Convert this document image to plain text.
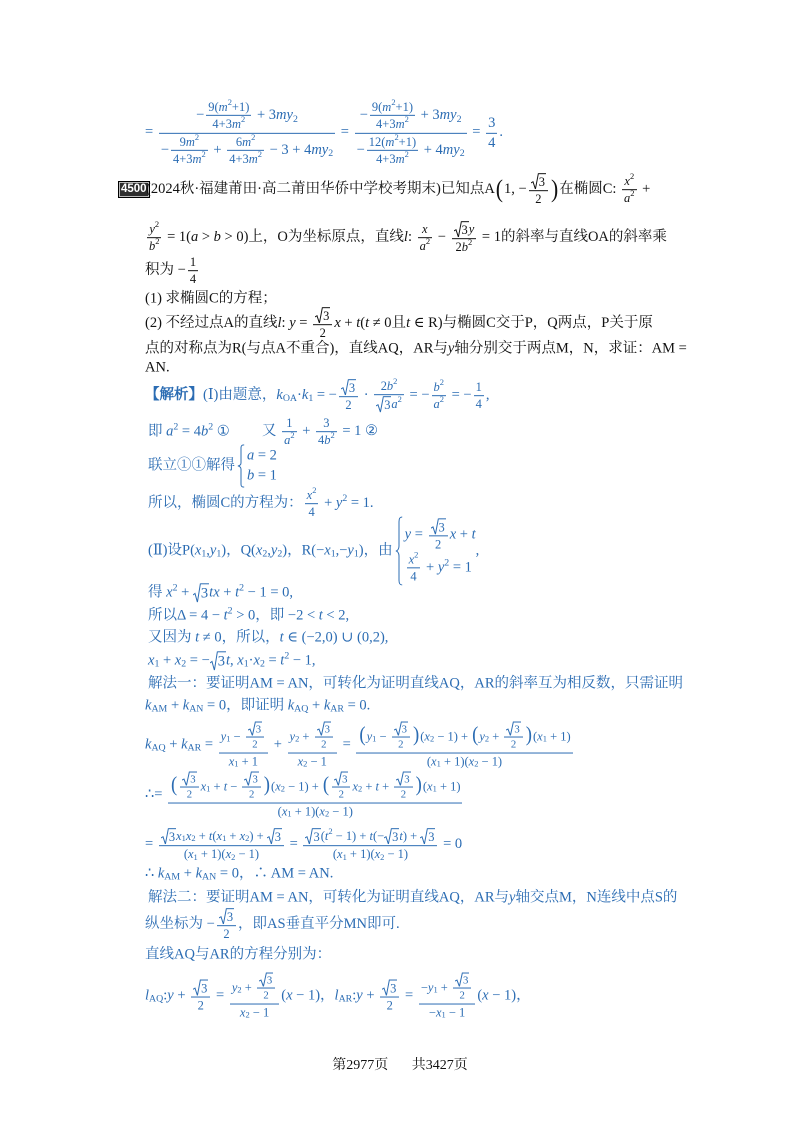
= $\frac{- \frac{9(m 2 +1)}{4+3m 2} + 3my 2}{- \frac{9m 2}{4+3m 2} + \frac{6m 2}{4+3m 2} - 3 + 4my 2} = \frac{- \frac{9(m 2 +1)}{4+3m 2} + 3my 2}{- \frac{12(m 2 +1)}{4+3m 2} + 4my 2} = \frac{3}{4}$ .
4500 (2024秋·福建莆田·高二莆田华侨中学校考期末)已知点A ( 1, − $\frac{3}{2}$ ) 在椭圆C: $\frac{x 2}{a 2}$ +
$\frac{y 2}{b 2} = 1(a > b > 0)$上，O为坐标原点，直线l: $\frac{x}{a 2} - \frac{3 y}{2b 2} = 1$的斜率与直线OA的斜率乘
积为 − $\frac{1}{4}$
(1) 求椭圆C的方程；
(2) 不经过点A的直线l: $y = \frac{3}{2}$ x + t(t ≠ 0且t ∈ R)与椭圆C交于P，Q两点，P关于原
点的对称点为R(与点A不重合)，直线AQ，AR与y轴分别交于两点M，N，求证：AM =
AN.
【解析】 (Ⅰ)由题意，k OA ·k 1 = − $\frac{3}{2} \cdot \frac{2b 2}{3 a 2}$ = − $\frac{b 2}{a 2}$ = − $\frac{1}{4}$ ,
即 a 2 = 4b 2 ① 又 $\frac{1}{a 2} + \frac{3}{4b 2} = 1$ ②
联立①①解得
a = 2
b = 1
所以，椭圆C的方程为： $\frac{x 2}{4} + y$ 2 = 1.
(Ⅱ)设P(x 1 ,y 1 )，Q(x 2 ,y 2 )，R(−x 1 ,−y 1 )，由
$y = \frac{3}{2}$ x + t
$\frac{x 2}{4} + y$ 2 = 1
,
得 x 2 + 3 tx + t 2 − 1 = 0,
所以Δ = 4 − t 2 > 0，即 −2 < t < 2,
又因为 t ≠ 0，所以，t ∈ (−2,0) ∪ (0,2),
x 1 + x 2 = − 3 t, x 1 ·x 2 = t 2 − 1,
解法一：要证明AM = AN，可转化为证明直线AQ，AR的斜率互为相反数，只需证明
k AM + k AN = 0，即证明 k AQ + k AR = 0.
k AQ + k AR = $\frac{y 1 - \frac{3}{2}}{x 1 + 1} + \frac{y 2 + \frac{3}{2}}{x 2 - 1} = \frac{( y 1 - \frac{3}{2} ) (x 2 - 1) + ( y 2 + \frac{3}{2} ) (x 1 + 1)}{(x 1 + 1)(x 2 - 1)}$
∴= $\frac{( \frac{3}{2} x 1 + t - \frac{3}{2} ) (x 2 - 1) + ( \frac{3}{2} x 2 + t + \frac{3}{2} ) (x 1 + 1)}{(x 1 + 1)(x 2 - 1)}$
= $\frac{3 x 1 x 2 + t(x 1 + x 2 ) + 3}{(x 1 + 1)(x 2 - 1)} = \frac{3 (t 2 - 1) + t(- 3 t) + 3}{(x 1 + 1)(x 2 - 1)} = 0$
∴ k AM + k AN = 0，∴ AM = AN.
解法二：要证明AM = AN，可转化为证明直线AQ，AR与y轴交点M，N连线中点S的
纵坐标为 − $\frac{3}{2}$ ，即AS垂直平分MN即可.
直线AQ与AR的方程分别为：
l AQ :y + $\frac{3}{2} = \frac{y 2 + \frac{3}{2}}{x 2 - 1} (x - 1)$，l AR :y + $\frac{3}{2} = \frac{-y 1 + \frac{3}{2}}{-x 1 - 1} (x - 1)$，
第2977页 共3427页
